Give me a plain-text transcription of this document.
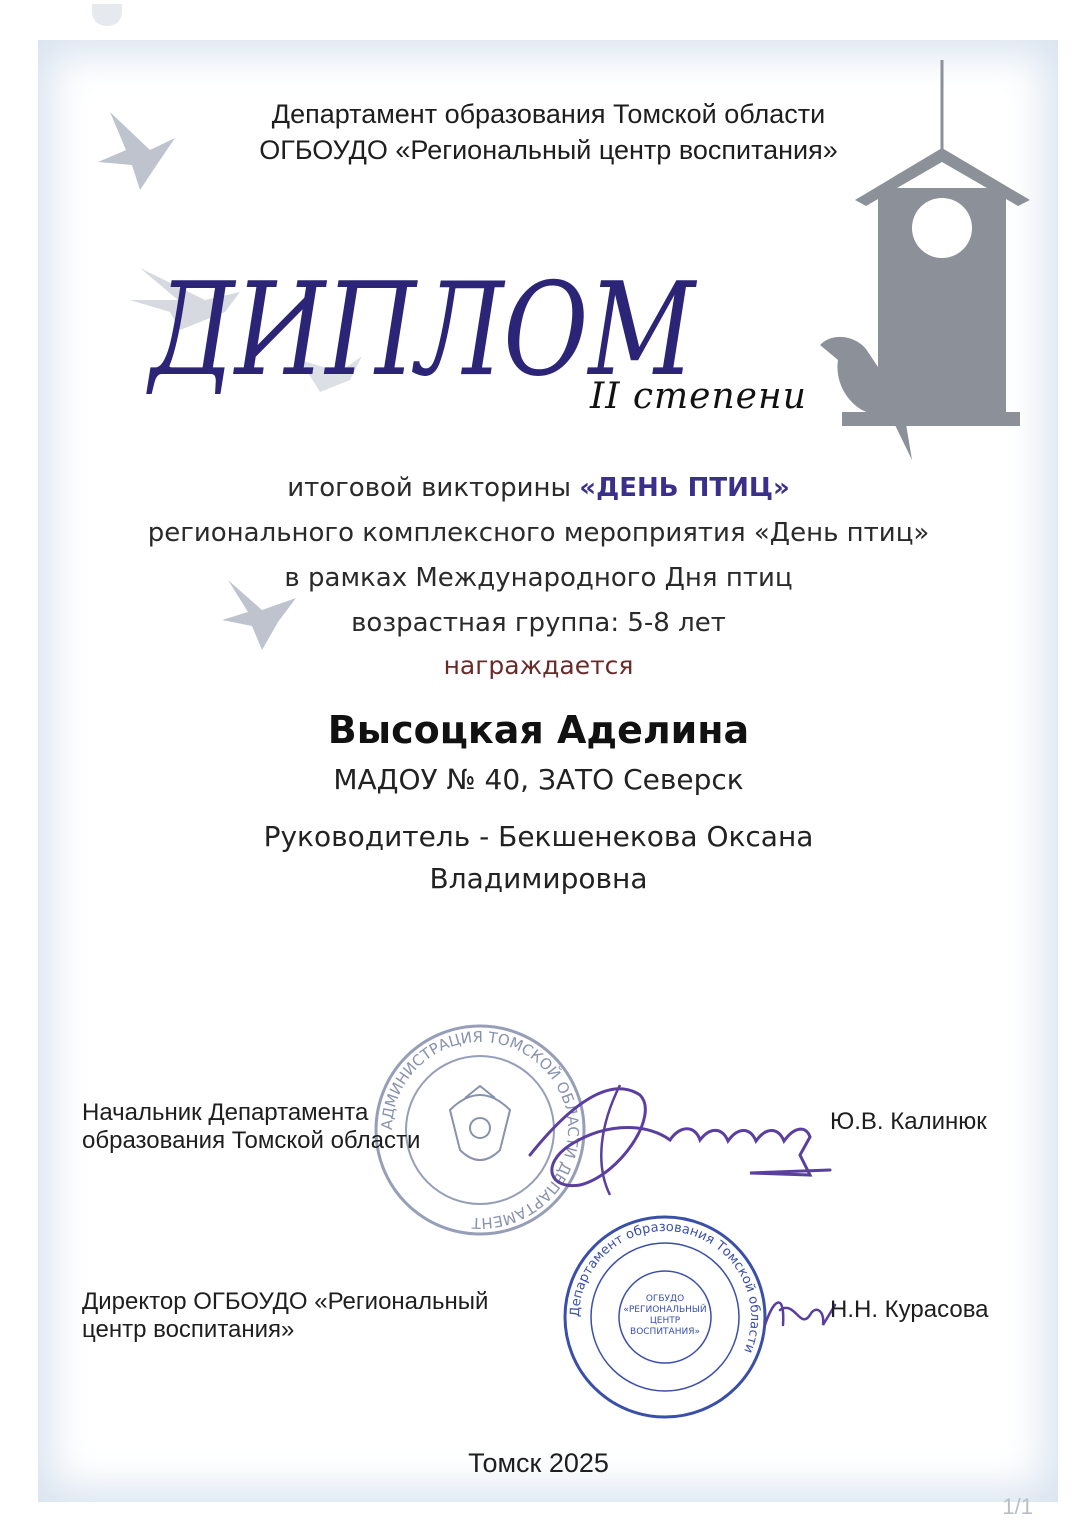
Департамент образования Томской области
ОГБОУДО «Региональный центр воспитания»
ДИПЛОМ
II степени
итоговой викторины «ДЕНЬ ПТИЦ»
регионального комплексного мероприятия «День птиц»
в рамках Международного Дня птиц
возрастная группа: 5-8 лет
награждается
Высоцкая Аделина
МАДОУ № 40, ЗАТО Северск
Руководитель - Бекшенекова Оксана
Владимировна
АДМИНИСТРАЦИЯ ТОМСКОЙ ОБЛАСТИ ДЕПАРТАМЕНТ
Департамент образования Томской области
ОГБУДО «РЕГИОНАЛЬНЫЙ ЦЕНТР ВОСПИТАНИЯ»
Начальник Департамента
образования Томской области
Ю.В. Калинюк
Директор ОГБОУДО «Региональный
центр воспитания»
Н.Н. Курасова
Томск 2025
1/1
